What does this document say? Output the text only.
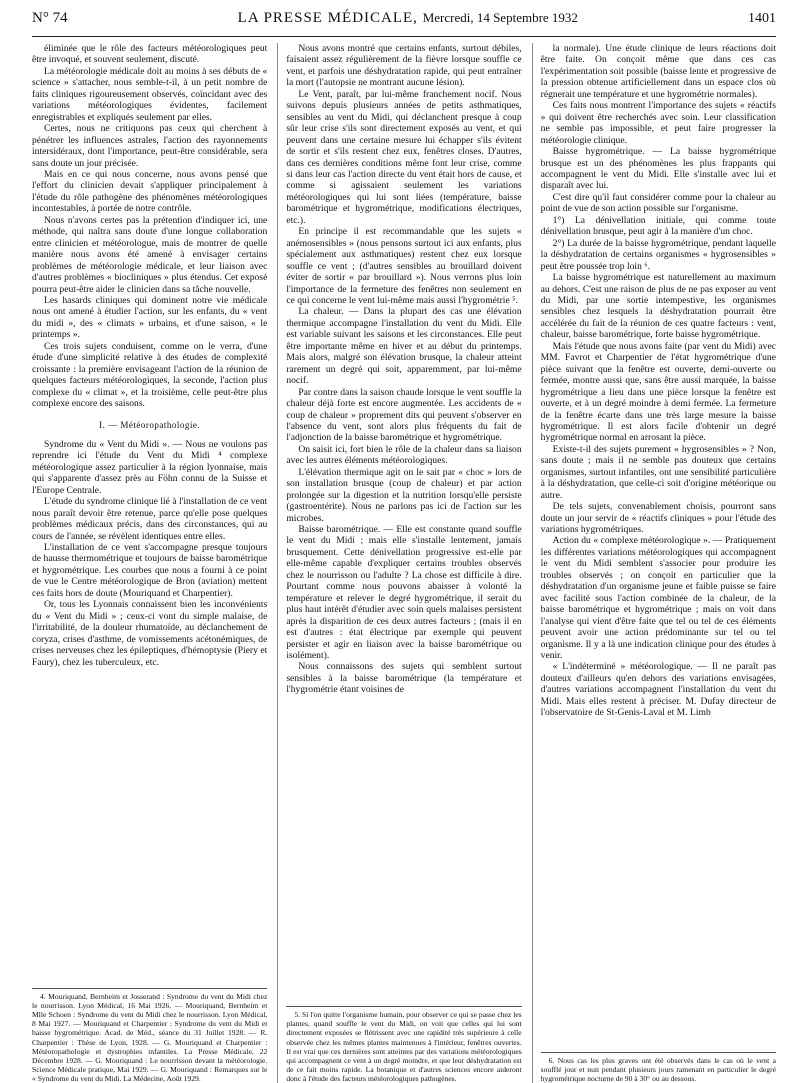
N° 74	LA PRESSE MÉDICALE, Mercredi, 14 Septembre 1932	1401

éliminée que le rôle des facteurs météorologiques peut être invoqué, et souvent seulement, discuté.

La météorologie médicale doit au moins à ses débuts de « science » s'attacher, nous semble-t-il, à un petit nombre de faits cliniques rigoureusement observés, coïncidant avec des variations météorologiques évidentes, facilement enregistrables et expliqués seulement par elles.

Certes, nous ne critiquons pas ceux qui cherchent à pénétrer les influences astrales, l'action des rayonnements intersidéraux, dont l'importance, peut-être considérable, sera sans doute un jour précisée.

Mais en ce qui nous concerne, nous avons pensé que l'effort du clinicien devait s'appliquer principalement à l'étude du rôle pathogène des phénomènes météorologiques incontestables, à portée de notre contrôle.

Nous n'avons certes pas la prétention d'indiquer ici, une méthode, qui naîtra sans doute d'une longue collaboration entre clinicien et météorologue, mais de montrer de quelle manière nous avons été amené à envisager certains problèmes de météorologie médicale, et leur liaison avec d'autres problèmes « biocliniques » plus étendus. Cet exposé pourra peut-être aider le clinicien dans sa tâche nouvelle.

Les hasards cliniques qui dominent notre vie médicale nous ont amené à étudier l'action, sur les enfants, du « vent du midi », des « climats » urbains, et d'une saison, « le printemps ».

Ces trois sujets conduisent, comme on le verra, d'une étude d'une simplicité relative à des études de complexité croissante : la première envisageant l'action de la réunion de quelques facteurs météorologiques, la seconde, l'action plus complexe du « climat », et la troisième, celle peut-être plus complexe encore des saisons.

I. — Météoropathologie.

Syndrome du « Vent du Midi ». — Nous ne voulons pas reprendre ici l'étude du Vent du Midi ⁴ complexe météorologique assez particulier à la région lyonnaise, mais qui s'apparente d'assez près au Föhn connu de la Suisse et l'Europe Centrale.

L'étude du syndrome clinique lié à l'installation de ce vent nous paraît devoir être retenue, parce qu'elle pose quelques problèmes médicaux précis, dans des circonstances, qui au cours de l'année, se révèlent identiques entre elles.

L'installation de ce vent s'accompagne presque toujours de hausse thermométrique et toujours de baisse barométrique et hygrométrique. Les courbes que nous a fourni à ce point de vue le Centre météorologique de Bron (aviation) mettent ces faits hors de doute (Mouriquand et Charpentier).

Or, tous les Lyonnais connaissent bien les inconvénients du « Vent du Midi » ; ceux-ci vont du simple malaise, de l'irritabilité, de la douleur rhumatoïde, au déclanchement de coryza, crises d'asthme, de vomissements acétonémiques, de crises nerveuses chez les épileptiques, d'hémoptysie (Piery et Faury), chez les tuberculeux, etc.

4. Mouriquand, Bernheim et Josserand : Syndrome du vent du Midi chez le nourrisson. Lyon Médical, 16 Mai 1926. — Mouriquand, Bernheim et Mlle Schoen : Syndrome du vent du Midi chez le nourrisson. Lyon Médical, 8 Mai 1927. — Mouriquand et Charpentier : Syndrome du vent du Midi et baisse hygrométrique. Acad. de Méd., séance du 31 Juillet 1928. — R. Charpentier : Thèse de Lyon, 1928. — G. Mouriquand et Charpentier : Météoropathologie et dystrophies infantiles. La Presse Médicale, 22 Décembre 1928. — G. Mouriquand : Le nourrisson devant la météorologie. Science Médicale pratique, Mai 1929. — G. Mouriquand : Remarques sur le « Syndrome du vent du Midi. La Médecine, Août 1929.

Nous avons montré que certains enfants, surtout débiles, faisaient assez régulièrement de la fièvre lorsque souffle ce vent, et parfois une déshydratation rapide, qui peut entraîner la mort (l'autopsie ne montrant aucune lésion).

Le Vent, paraît, par lui-même franchement nocif. Nous suivons depuis plusieurs années de petits asthmatiques, sensibles au vent du Midi, qui déclanchent presque à coup sûr leur crise s'ils sont directement exposés au vent, et qui peuvent dans une certaine mesure lui échapper s'ils évitent de sortir et s'ils restent chez eux, fenêtres closes. D'autres, dans ces dernières conditions même font leur crise, comme si dans leur cas l'action directe du vent était hors de cause, et comme si agissaient seulement les variations météorologiques qui lui sont liées (température, baisse barométrique et hygrométrique, modifications électriques, etc.).

En principe il est recommandable que les sujets « anémosensibles » (nous pensons surtout ici aux enfants, plus spécialement aux asthmatiques) restent chez eux lorsque souffle ce vent ; (d'autres sensibles au brouillard doivent éviter de sortir « par brouillard »). Nous verrons plus loin l'importance de la fermeture des fenêtres non seulement en ce qui concerne le vent lui-même mais aussi l'hygrométrie ⁵.

La chaleur. — Dans la plupart des cas une élévation thermique accompagne l'installation du vent du Midi. Elle est variable suivant les saisons et les circonstances. Elle peut être importante même en hiver et au début du printemps. Mais alors, malgré son élévation brusque, la chaleur atteint rarement un degré qui soit, apparemment, par lui-même nocif.

Par contre dans la saison chaude lorsque le vent souffle la chaleur déjà forte est encore augmentée. Les accidents de « coup de chaleur » proprement dits qui peuvent s'observer en l'absence du vent, sont alors plus fréquents du fait de l'adjonction de la baisse barométrique et hygrométrique.

On saisit ici, fort bien le rôle de la chaleur dans sa liaison avec les autres éléments météorologiques.

L'élévation thermique agit on le sait par « choc » lors de son installation brusque (coup de chaleur) et par action prolongée sur la digestion et la nutrition lorsqu'elle persiste (gastroentérite). Nous ne parlons pas ici de l'action sur les microbes.

Baisse barométrique. — Elle est constante quand souffle le vent du Midi ; mais elle s'installe lentement, jamais brusquement. Cette dénivellation progressive est-elle par elle-même capable d'expliquer certains troubles observés chez le nourrisson ou l'adulte ? La chose est difficile à dire. Pourtant comme nous pouvons abaisser à volonté la température et relever le degré hygrométrique, il serait du plus haut intérêt d'étudier avec soin quels malaises persistent après la disparition de ces deux autres facteurs ; (mais il en est d'autres : état électrique par exemple qui peuvent persister et agir en liaison avec la baisse barométrique ou isolément).

Nous connaissons des sujets qui semblent surtout sensibles à la baisse barométrique (la température et l'hygrométrie étant voisines de

5. Si l'on quitte l'organisme humain, pour observer ce qui se passe chez les plantes, quand souffle le vent du Midi, on voit que celles qui lui sont directement exposées se flétrissent avec une rapidité très supérieure à celle observée chez les mêmes plantes maintenues à l'intérieur, fenêtres ouvertes. Il est vrai que ces dernières sont atteintes par des variations météorologiques qui accompagnent ce vent à un degré moindre, et que leur déshydratation est de ce fait moins rapide. La botanique et d'autres sciences encore aideront donc à l'étude des facteurs météorologiques pathogènes.

la normale). Une étude clinique de leurs réactions doit être faite. On conçoit même que dans ces cas l'expérimentation soit possible (baisse lente et progressive de la pression obtenue artificiellement dans un espace clos où régnerait une température et une hygrométrie normales).

Ces faits nous montrent l'importance des sujets « réactifs » qui doivent être recherchés avec soin. Leur classification ne semble pas impossible, et peut faire progresser la météorologie clinique.

Baisse hygrométrique. — La baisse hygrométrique brusque est un des phénomènes les plus frappants qui accompagnent le vent du Midi. Elle s'installe avec lui et disparaît avec lui.

C'est dire qu'il faut considérer comme pour la chaleur au point de vue de son action possible sur l'organisme.

1°) La dénivellation initiale, qui comme toute dénivellation brusque, peut agir à la manière d'un choc.

2°) La durée de la baisse hygrométrique, pendant laquelle la déshydratation de certains organismes « hygrosensibles » peut être poussée trop loin ⁶.

La baisse hygrométrique est naturellement au maximum au dehors. C'est une raison de plus de ne pas exposer au vent du Midi, par une sortie intempestive, les organismes sensibles chez lesquels la déshydratation pourrait être accélérée du fait de la réunion de ces quatre facteurs : vent, chaleur, baisse barométrique, forte baisse hygrométrique.

Mais l'étude que nous avons faite (par vent du Midi) avec MM. Favrot et Charpentier de l'état hygrométrique d'une pièce suivant que la fenêtre est ouverte, demi-ouverte ou fermée, montre aussi que, sans être aussi marquée, la baisse hygrométrique a lieu dans une pièce lorsque la fenêtre est ouverte, et à un degré moindre à demi fermée. La fermeture de la fenêtre écarte dans une très large mesure la baisse hygrométrique. Il est alors facile d'obtenir un degré hygrométrique normal en arrosant la pièce.

Existe-t-il des sujets purement « hygrosensibles » ? Non, sans doute ; mais il ne semble pas douteux que certains organismes, surtout infantiles, ont une sensibilité particulière à la déshydratation, que celle-ci soit d'origine météorique ou autre.

De tels sujets, convenablement choisis, pourront sans doute un jour servir de « réactifs cliniques » pour l'étude des variations hygrométriques.

Action du « complexe météorologique ». — Pratiquement les différentes variations météorologiques qui accompagnent le vent du Midi semblent s'associer pour produire les troubles observés ; on conçoit en particulier que la déshydratation d'un organisme jeune et faible puisse se faire avec facilité sous l'action combinée de la chaleur, de la baisse barométrique et hygrométrique ; mais on voit dans l'analyse qui vient d'être faite que tel ou tel de ces éléments peuvent avoir une action prédominante sur tel ou tel organisme. Il y a là une indication clinique pour des études à venir.

« L'indéterminé » météorologique. — Il ne paraît pas douteux d'ailleurs qu'en dehors des variations envisagées, d'autres variations accompagnent l'installation du vent du Midi. Mais elles restent à préciser. M. Dufay directeur de l'observatoire de St-Genis-Laval et M. Limb

6. Nous cas les plus graves ont été observés dans le cas où le vent a soufflé jour et nuit pendant plusieurs jours ramenant en particulier le degré hygrométrique nocturne de 90 à 30° ou au dessous.
